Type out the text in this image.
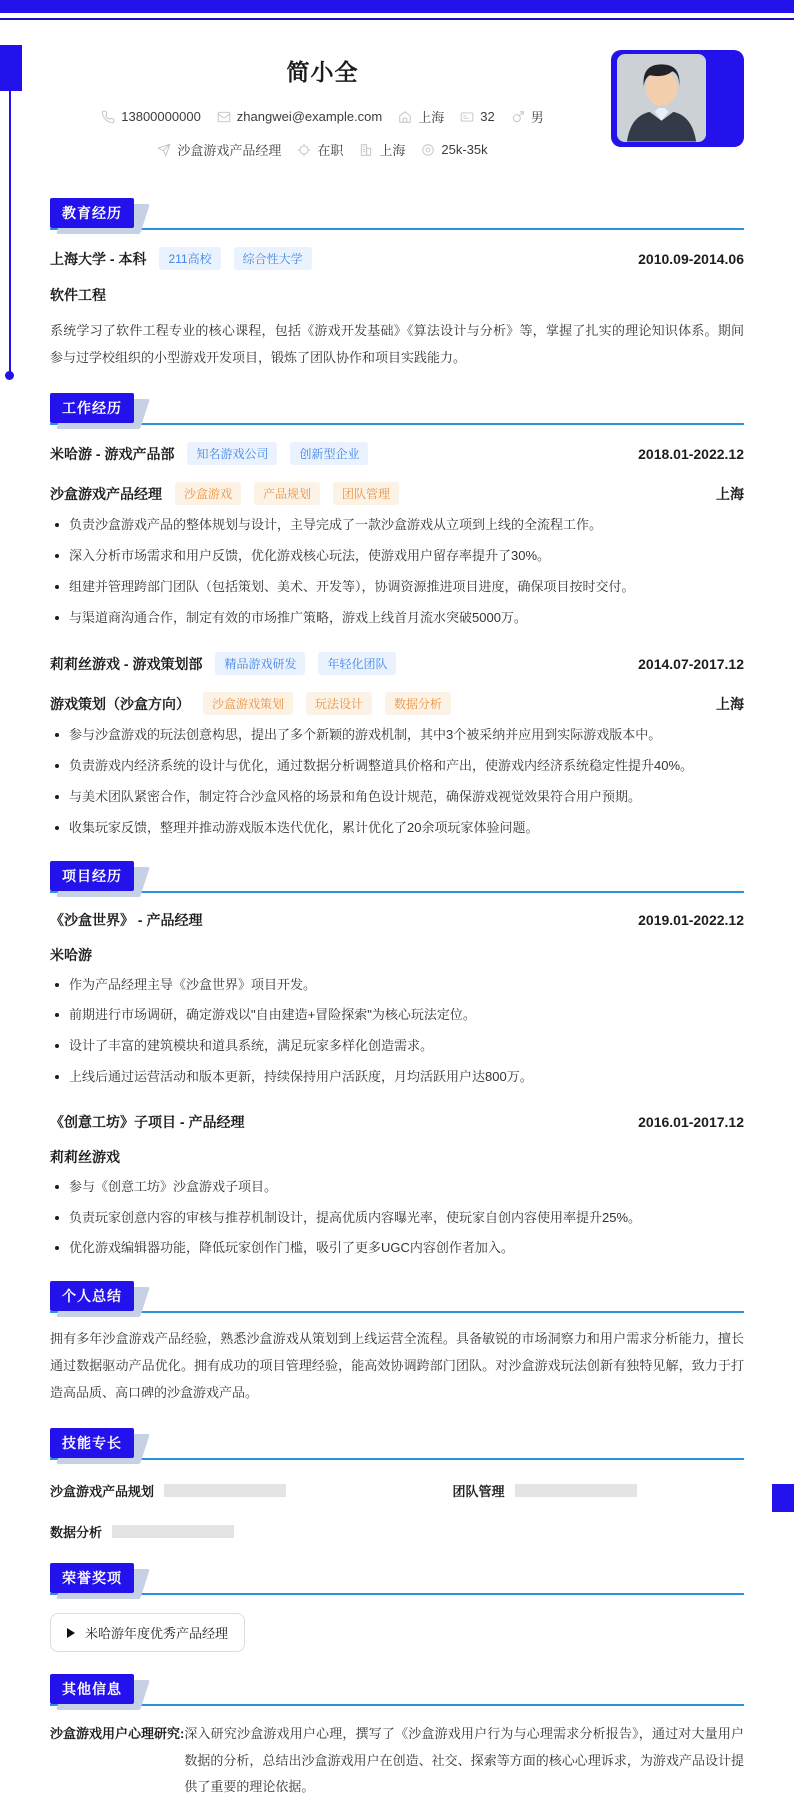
简小全
13800000000	zhangwei@example.com	上海	32	男
沙盒游戏产品经理	在职	上海	25k-35k
教育经历
上海大学 - 本科	211高校	综合性大学	2010.09-2014.06
软件工程

系统学习了软件工程专业的核心课程，包括《游戏开发基础》《算法设计与分析》等，掌握了扎实的理论知识体系。期间参与过学校组织的小型游戏开发项目，锻炼了团队协作和项目实践能力。

工作经历
米哈游 - 游戏产品部	知名游戏公司	创新型企业	2018.01-2022.12
沙盒游戏产品经理	沙盒游戏	产品规划	团队管理	上海
负责沙盒游戏产品的整体规划与设计，主导完成了一款沙盒游戏从立项到上线的全流程工作。
深入分析市场需求和用户反馈，优化游戏核心玩法，使游戏用户留存率提升了30%。
组建并管理跨部门团队（包括策划、美术、开发等），协调资源推进项目进度，确保项目按时交付。
与渠道商沟通合作，制定有效的市场推广策略，游戏上线首月流水突破5000万。
莉莉丝游戏 - 游戏策划部	精品游戏研发	年轻化团队	2014.07-2017.12
游戏策划（沙盒方向）	沙盒游戏策划	玩法设计	数据分析	上海
参与沙盒游戏的玩法创意构思，提出了多个新颖的游戏机制，其中3个被采纳并应用到实际游戏版本中。
负责游戏内经济系统的设计与优化，通过数据分析调整道具价格和产出，使游戏内经济系统稳定性提升40%。
与美术团队紧密合作，制定符合沙盒风格的场景和角色设计规范，确保游戏视觉效果符合用户预期。
收集玩家反馈，整理并推动游戏版本迭代优化，累计优化了20余项玩家体验问题。
项目经历
《沙盒世界》 - 产品经理	2019.01-2022.12
米哈游
作为产品经理主导《沙盒世界》项目开发。
前期进行市场调研，确定游戏以"自由建造+冒险探索"为核心玩法定位。
设计了丰富的建筑模块和道具系统，满足玩家多样化创造需求。
上线后通过运营活动和版本更新，持续保持用户活跃度，月均活跃用户达800万。
《创意工坊》子项目 - 产品经理	2016.01-2017.12
莉莉丝游戏
参与《创意工坊》沙盒游戏子项目。
负责玩家创意内容的审核与推荐机制设计，提高优质内容曝光率，使玩家自创内容使用率提升25%。
优化游戏编辑器功能，降低玩家创作门槛，吸引了更多UGC内容创作者加入。
个人总结

拥有多年沙盒游戏产品经验，熟悉沙盒游戏从策划到上线运营全流程。具备敏锐的市场洞察力和用户需求分析能力，擅长通过数据驱动产品优化。拥有成功的项目管理经验，能高效协调跨部门团队。对沙盒游戏玩法创新有独特见解，致力于打造高品质、高口碑的沙盒游戏产品。

技能专长
沙盒游戏产品规划	团队管理
数据分析
荣誉奖项
米哈游年度优秀产品经理
其他信息
沙盒游戏用户心理研究: 深入研究沙盒游戏用户心理，撰写了《沙盒游戏用户行为与心理需求分析报告》，通过对大量用户数据的分析，总结出沙盒游戏用户在创造、社交、探索等方面的核心心理诉求，为游戏产品设计提供了重要的理论依据。
